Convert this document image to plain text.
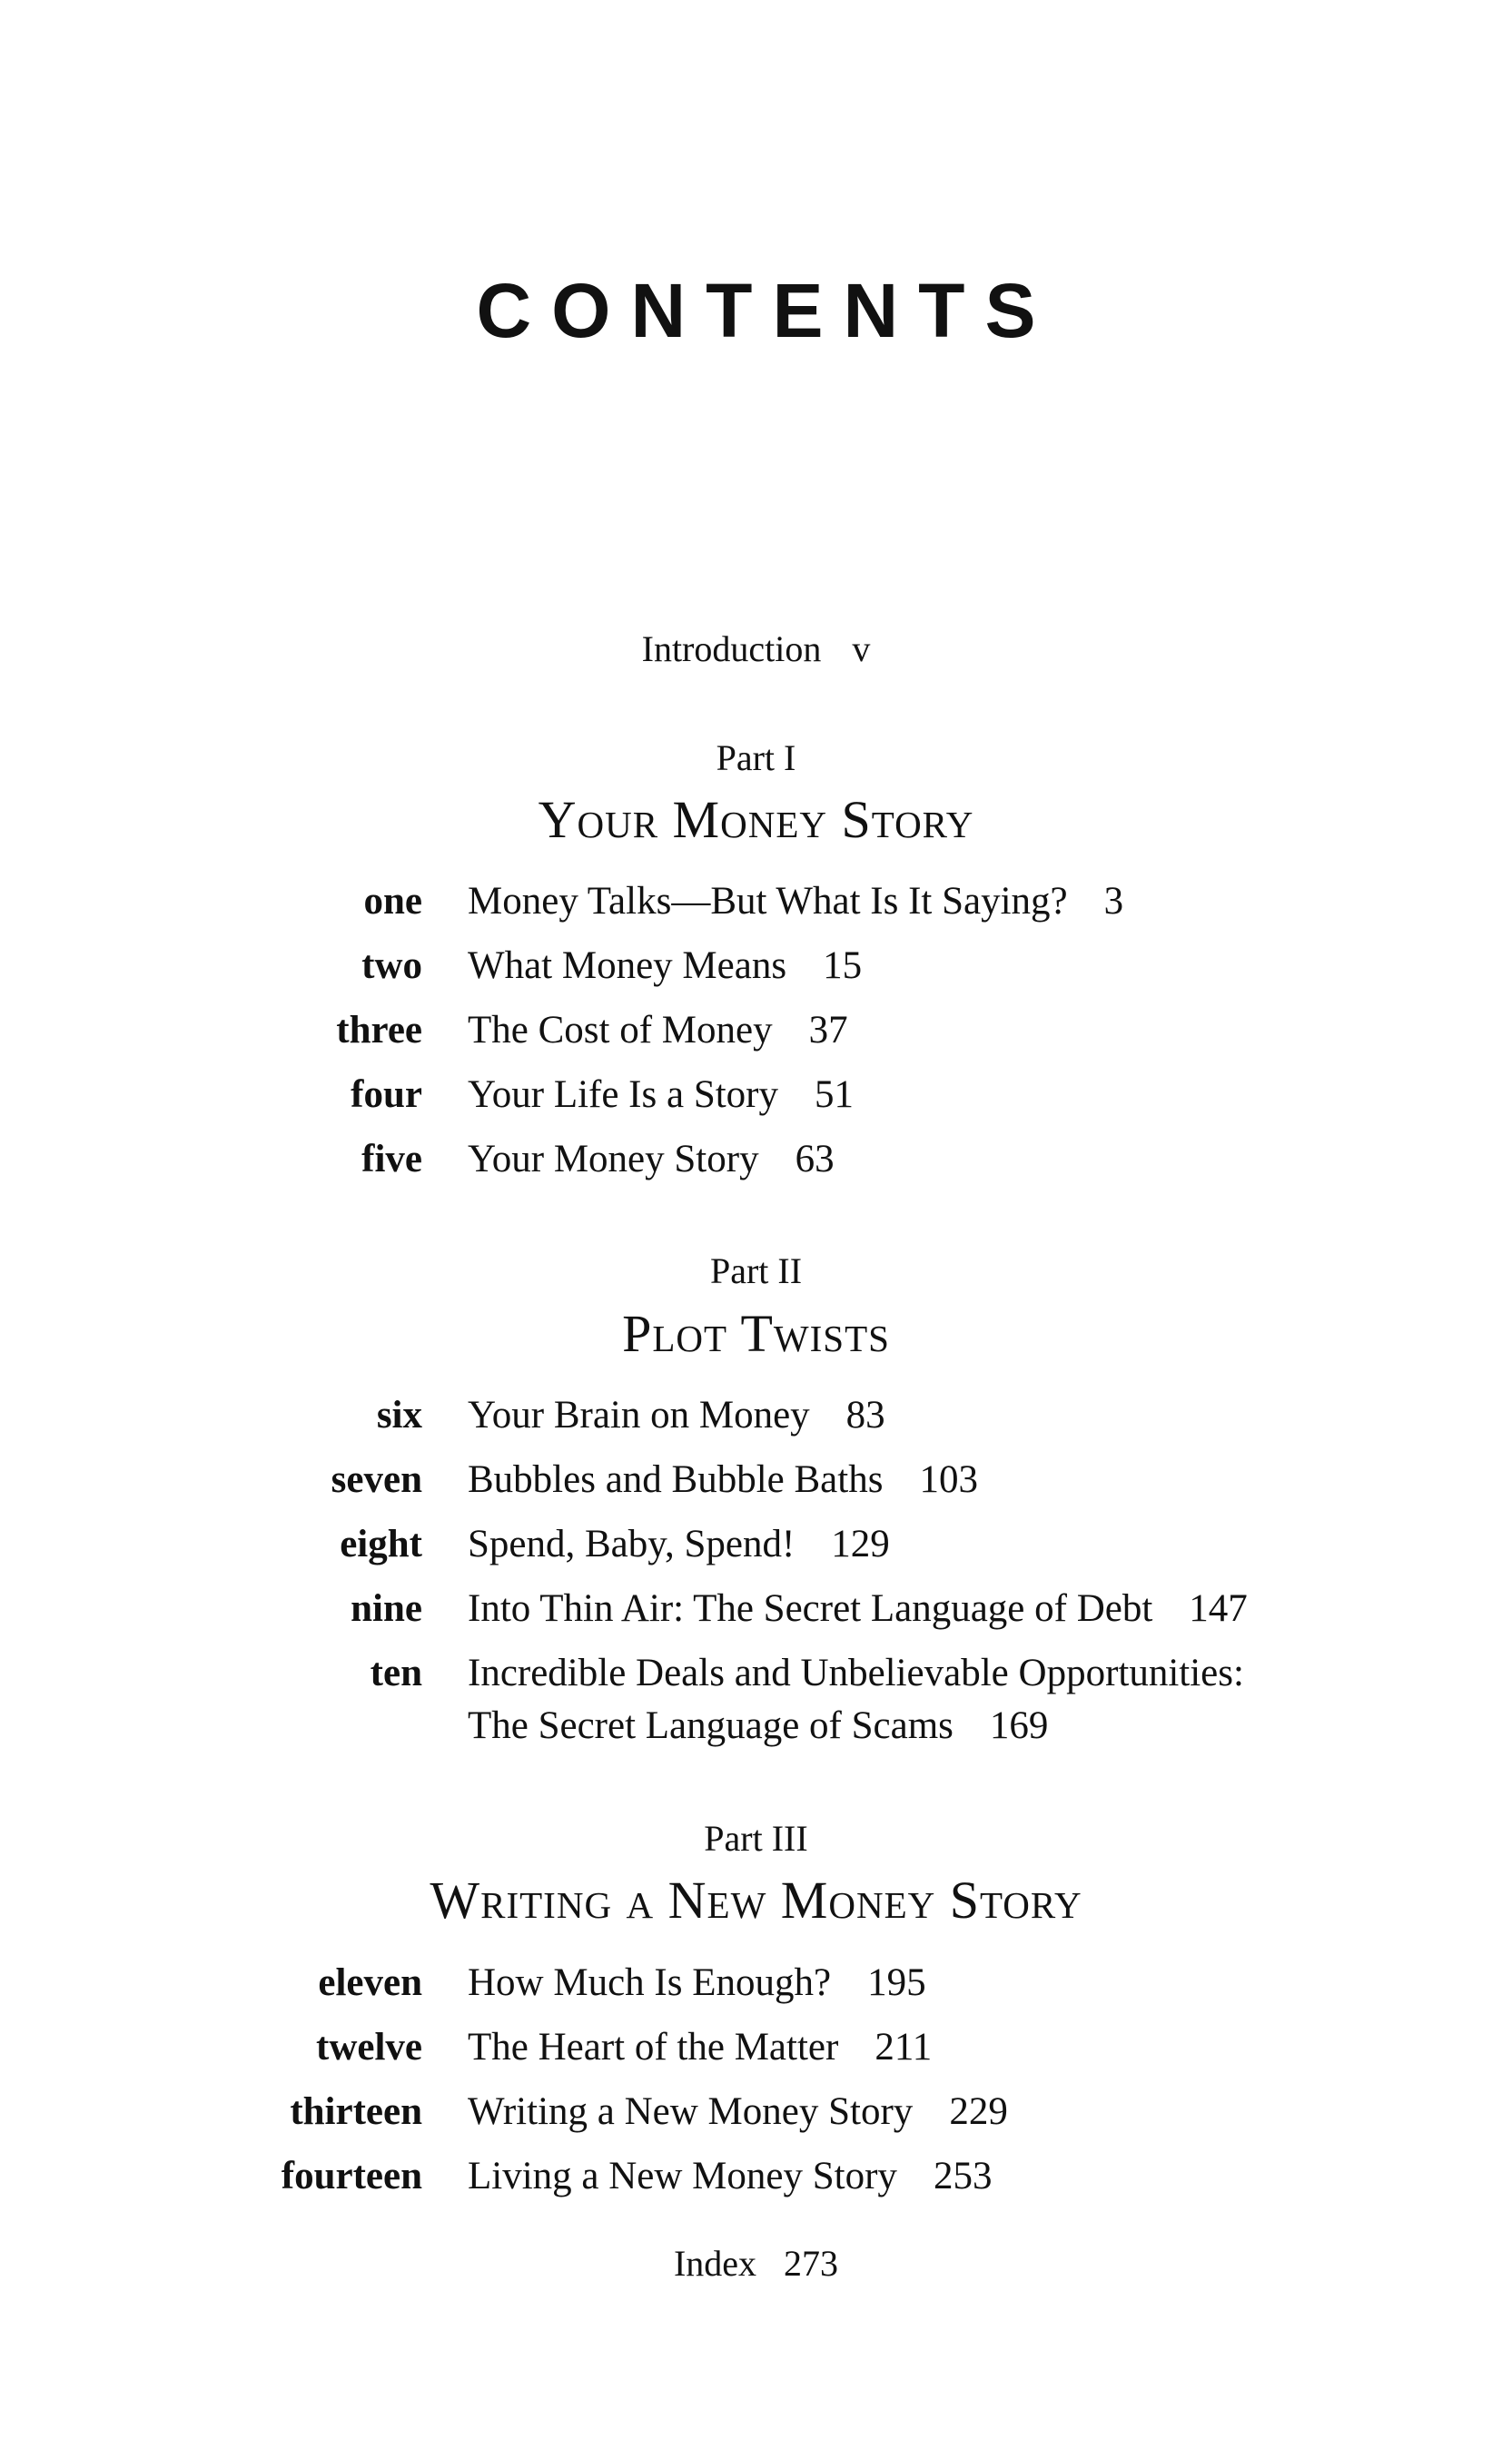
CONTENTS
Introduction v
Part I
Your Money Story
one Money Talks—But What Is It Saying? 3
two What Money Means 15
three The Cost of Money 37
four Your Life Is a Story 51
five Your Money Story 63
Part II
Plot Twists
six Your Brain on Money 83
seven Bubbles and Bubble Baths 103
eight Spend, Baby, Spend! 129
nine Into Thin Air: The Secret Language of Debt 147
ten Incredible Deals and Unbelievable Opportunities:
The Secret Language of Scams 169
Part III
Writing a New Money Story
eleven How Much Is Enough? 195
twelve The Heart of the Matter 211
thirteen Writing a New Money Story 229
fourteen Living a New Money Story 253
Index 273
